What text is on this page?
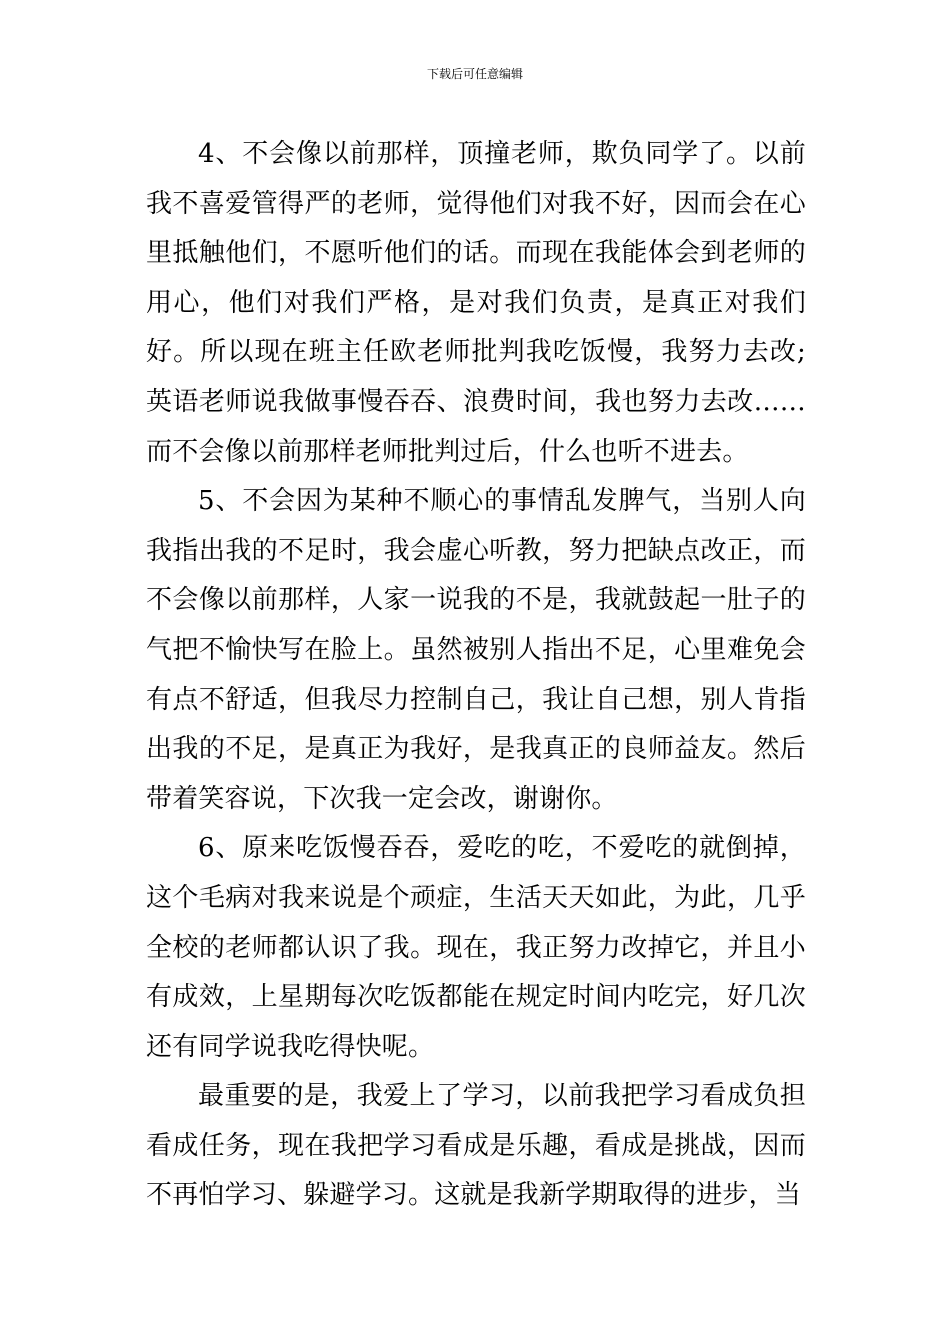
下载后可任意编辑

4、不会像以前那样，顶撞老师，欺负同学了。以前我不喜爱管得严的老师，觉得他们对我不好，因而会在心里抵触他们，不愿听他们的话。而现在我能体会到老师的用心，他们对我们严格，是对我们负责，是真正对我们好。所以现在班主任欧老师批判我吃饭慢，我努力去改;英语老师说我做事慢吞吞、浪费时间，我也努力去改……而不会像以前那样老师批判过后，什么也听不进去。

5、不会因为某种不顺心的事情乱发脾气，当别人向我指出我的不足时，我会虚心听教，努力把缺点改正，而不会像以前那样，人家一说我的不是，我就鼓起一肚子的气把不愉快写在脸上。虽然被别人指出不足，心里难免会有点不舒适，但我尽力控制自己，我让自己想，别人肯指出我的不足，是真正为我好，是我真正的良师益友。然后带着笑容说，下次我一定会改，谢谢你。

6、原来吃饭慢吞吞，爱吃的吃，不爱吃的就倒掉，这个毛病对我来说是个顽症，生活天天如此，为此，几乎全校的老师都认识了我。现在，我正努力改掉它，并且小有成效，上星期每次吃饭都能在规定时间内吃完，好几次还有同学说我吃得快呢。

最重要的是，我爱上了学习，以前我把学习看成负担看成任务，现在我把学习看成是乐趣，看成是挑战，因而不再怕学习、躲避学习。这就是我新学期取得的进步，当
